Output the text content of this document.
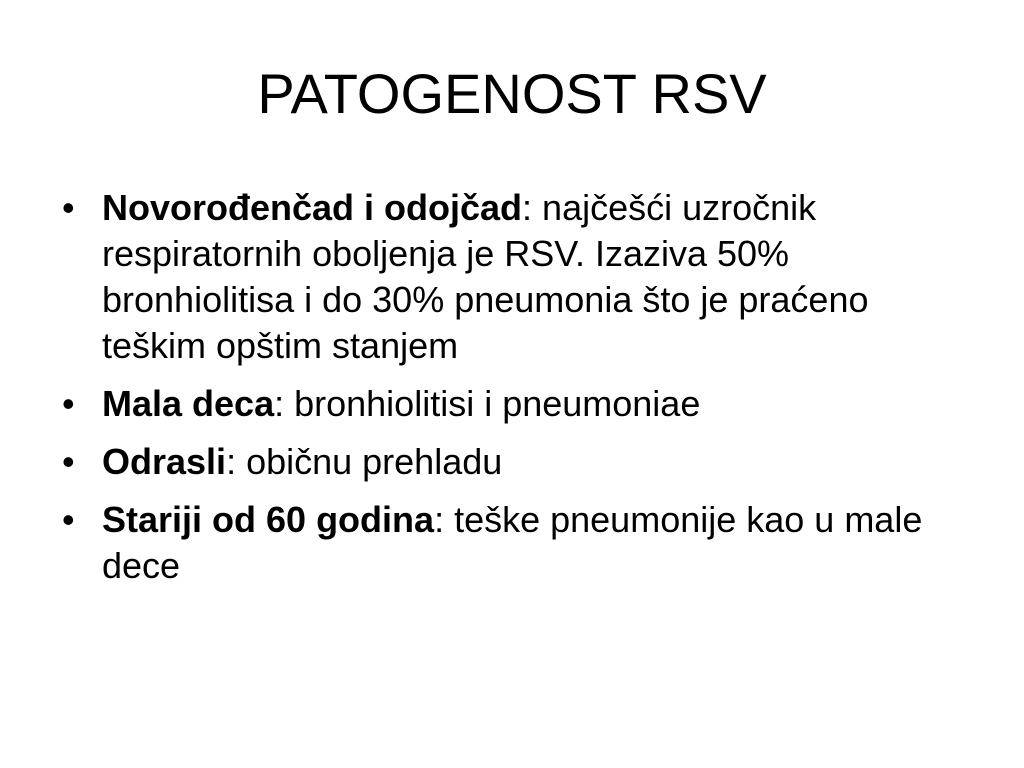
PATOGENOST RSV
• Novorođenčad i odojčad: najčešći uzročnik respiratornih oboljenja je RSV. Izaziva 50% bronhiolitisa i do 30% pneumonia što je praćeno teškim opštim stanjem
• Mala deca: bronhiolitisi i pneumoniae
• Odrasli: običnu prehladu
• Stariji od 60 godina: teške pneumonije kao u male dece
